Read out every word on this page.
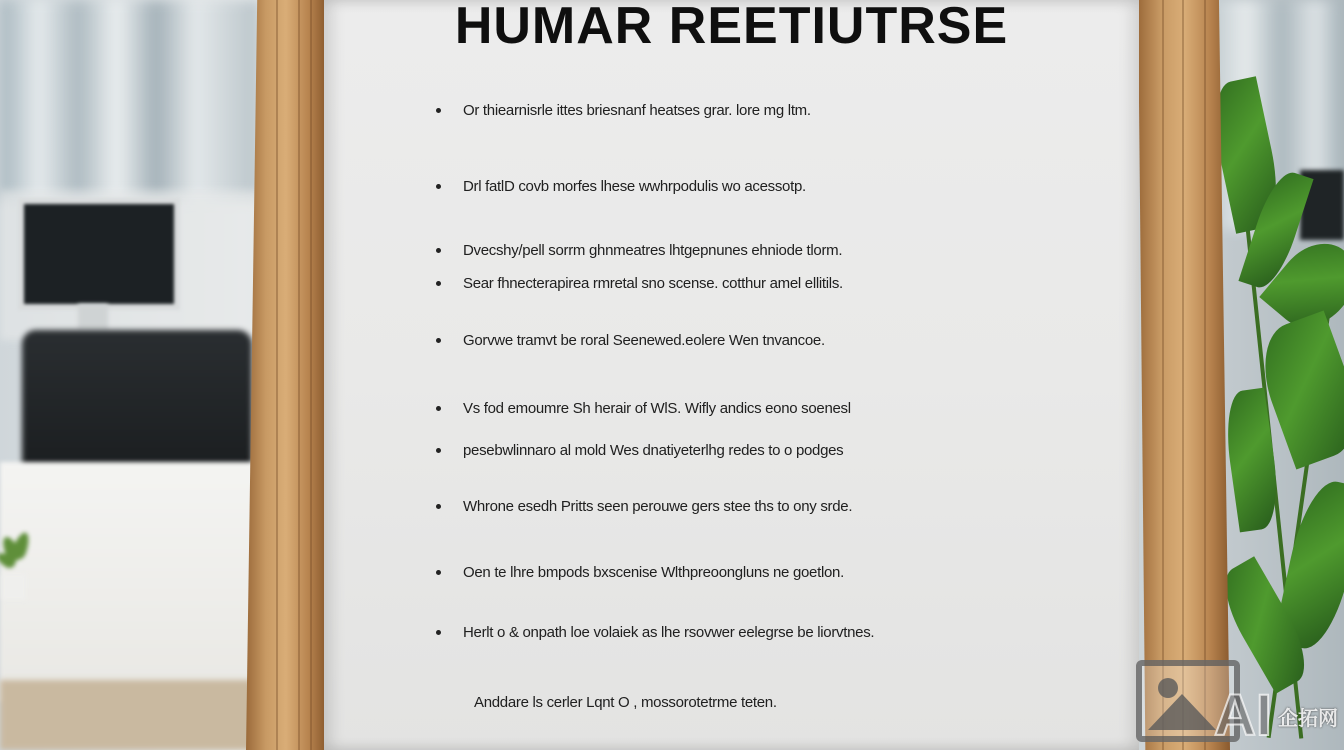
HUMAR REETIUTRSE
Or thiearnisrle ittes briesnanf heatses grar. lore mg ltm.
Drl fatlD covb morfes lhese wwhrpodulis wo acessotp.
Dvecshy/pell sorrm ghnmeatres lhtgepnunes ehniode tlorm.
Sear fhnecterapirea rmretal sno scense. cotthur amel ellitils.
Gorvwe tramvt be roral Seenewed.eolere Wen tnvancoe.
Vs fod emoumre Sh herair of WlS. Wifly andics eono soenesl
pesebwlinnaro al mold Wes dnatiyeterlhg redes to o podges
Whrone esedh Pritts seen perouwe gers stee ths to ony srde.
Oen te lhre bmpods bxscenise Wlthpreoongluns ne goetlon.
Herlt o & onpath loe volaiek as lhe rsovwer eelegrse be liorvtnes.
Anddare ls cerler Lqnt O , mossorotetrme teten.	AI 企拓网
